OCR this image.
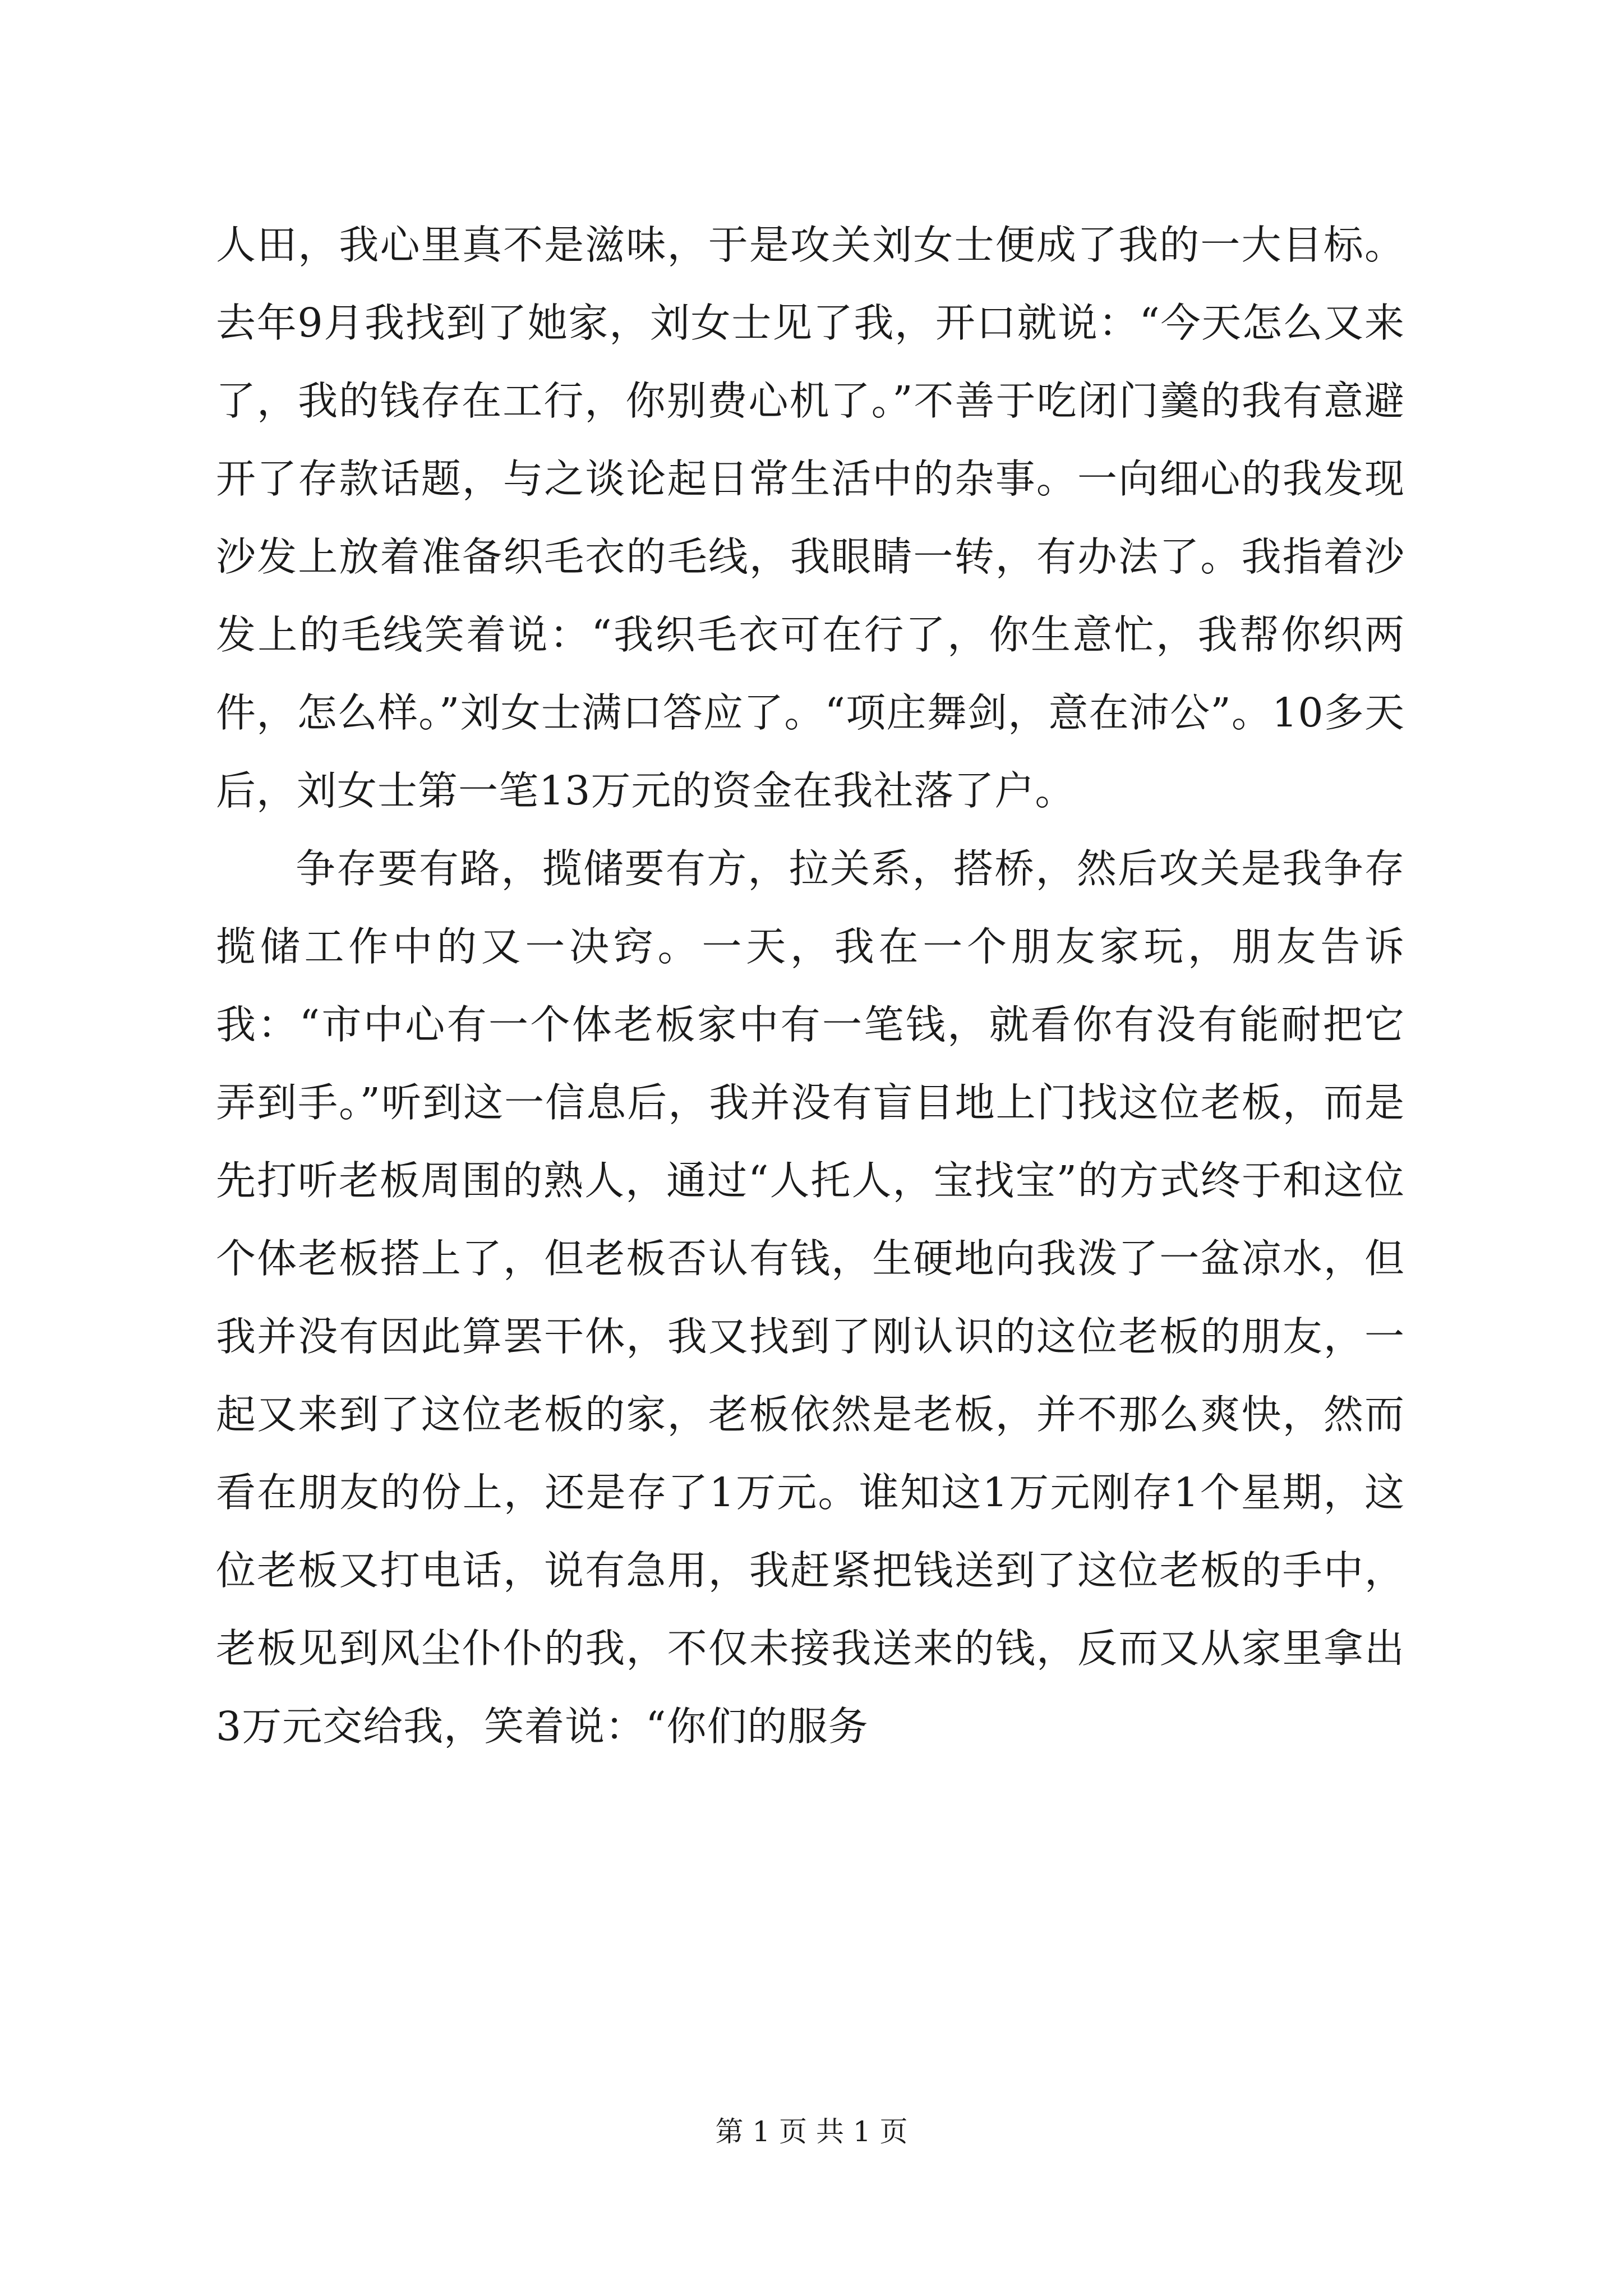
人田，我心里真不是滋味，于是攻关刘女士便成了我的一大目标。去年9月我找到了她家，刘女士见了我，开口就说：“今天怎么又来了，我的钱存在工行，你别费心机了。”不善于吃闭门羹的我有意避开了存款话题，与之谈论起日常生活中的杂事。一向细心的我发现沙发上放着准备织毛衣的毛线，我眼睛一转，有办法了。我指着沙发上的毛线笑着说：“我织毛衣可在行了，你生意忙，我帮你织两件，怎么样。”刘女士满口答应了。“项庄舞剑，意在沛公”。10多天后，刘女士第一笔13万元的资金在我社落了户。

争存要有路，揽储要有方，拉关系，搭桥，然后攻关是我争存揽储工作中的又一决窍。一天，我在一个朋友家玩，朋友告诉我：“市中心有一个体老板家中有一笔钱，就看你有没有能耐把它弄到手。”听到这一信息后，我并没有盲目地上门找这位老板，而是先打听老板周围的熟人，通过“人托人，宝找宝”的方式终于和这位个体老板搭上了，但老板否认有钱，生硬地向我泼了一盆凉水，但我并没有因此算罢干休，我又找到了刚认识的这位老板的朋友，一起又来到了这位老板的家，老板依然是老板，并不那么爽快，然而看在朋友的份上，还是存了1万元。谁知这1万元刚存1个星期，这位老板又打电话，说有急用，我赶紧把钱送到了这位老板的手中，老板见到风尘仆仆的我，不仅未接我送来的钱，反而又从家里拿出3万元交给我，笑着说：“你们的服务

第 1 页 共 1 页
